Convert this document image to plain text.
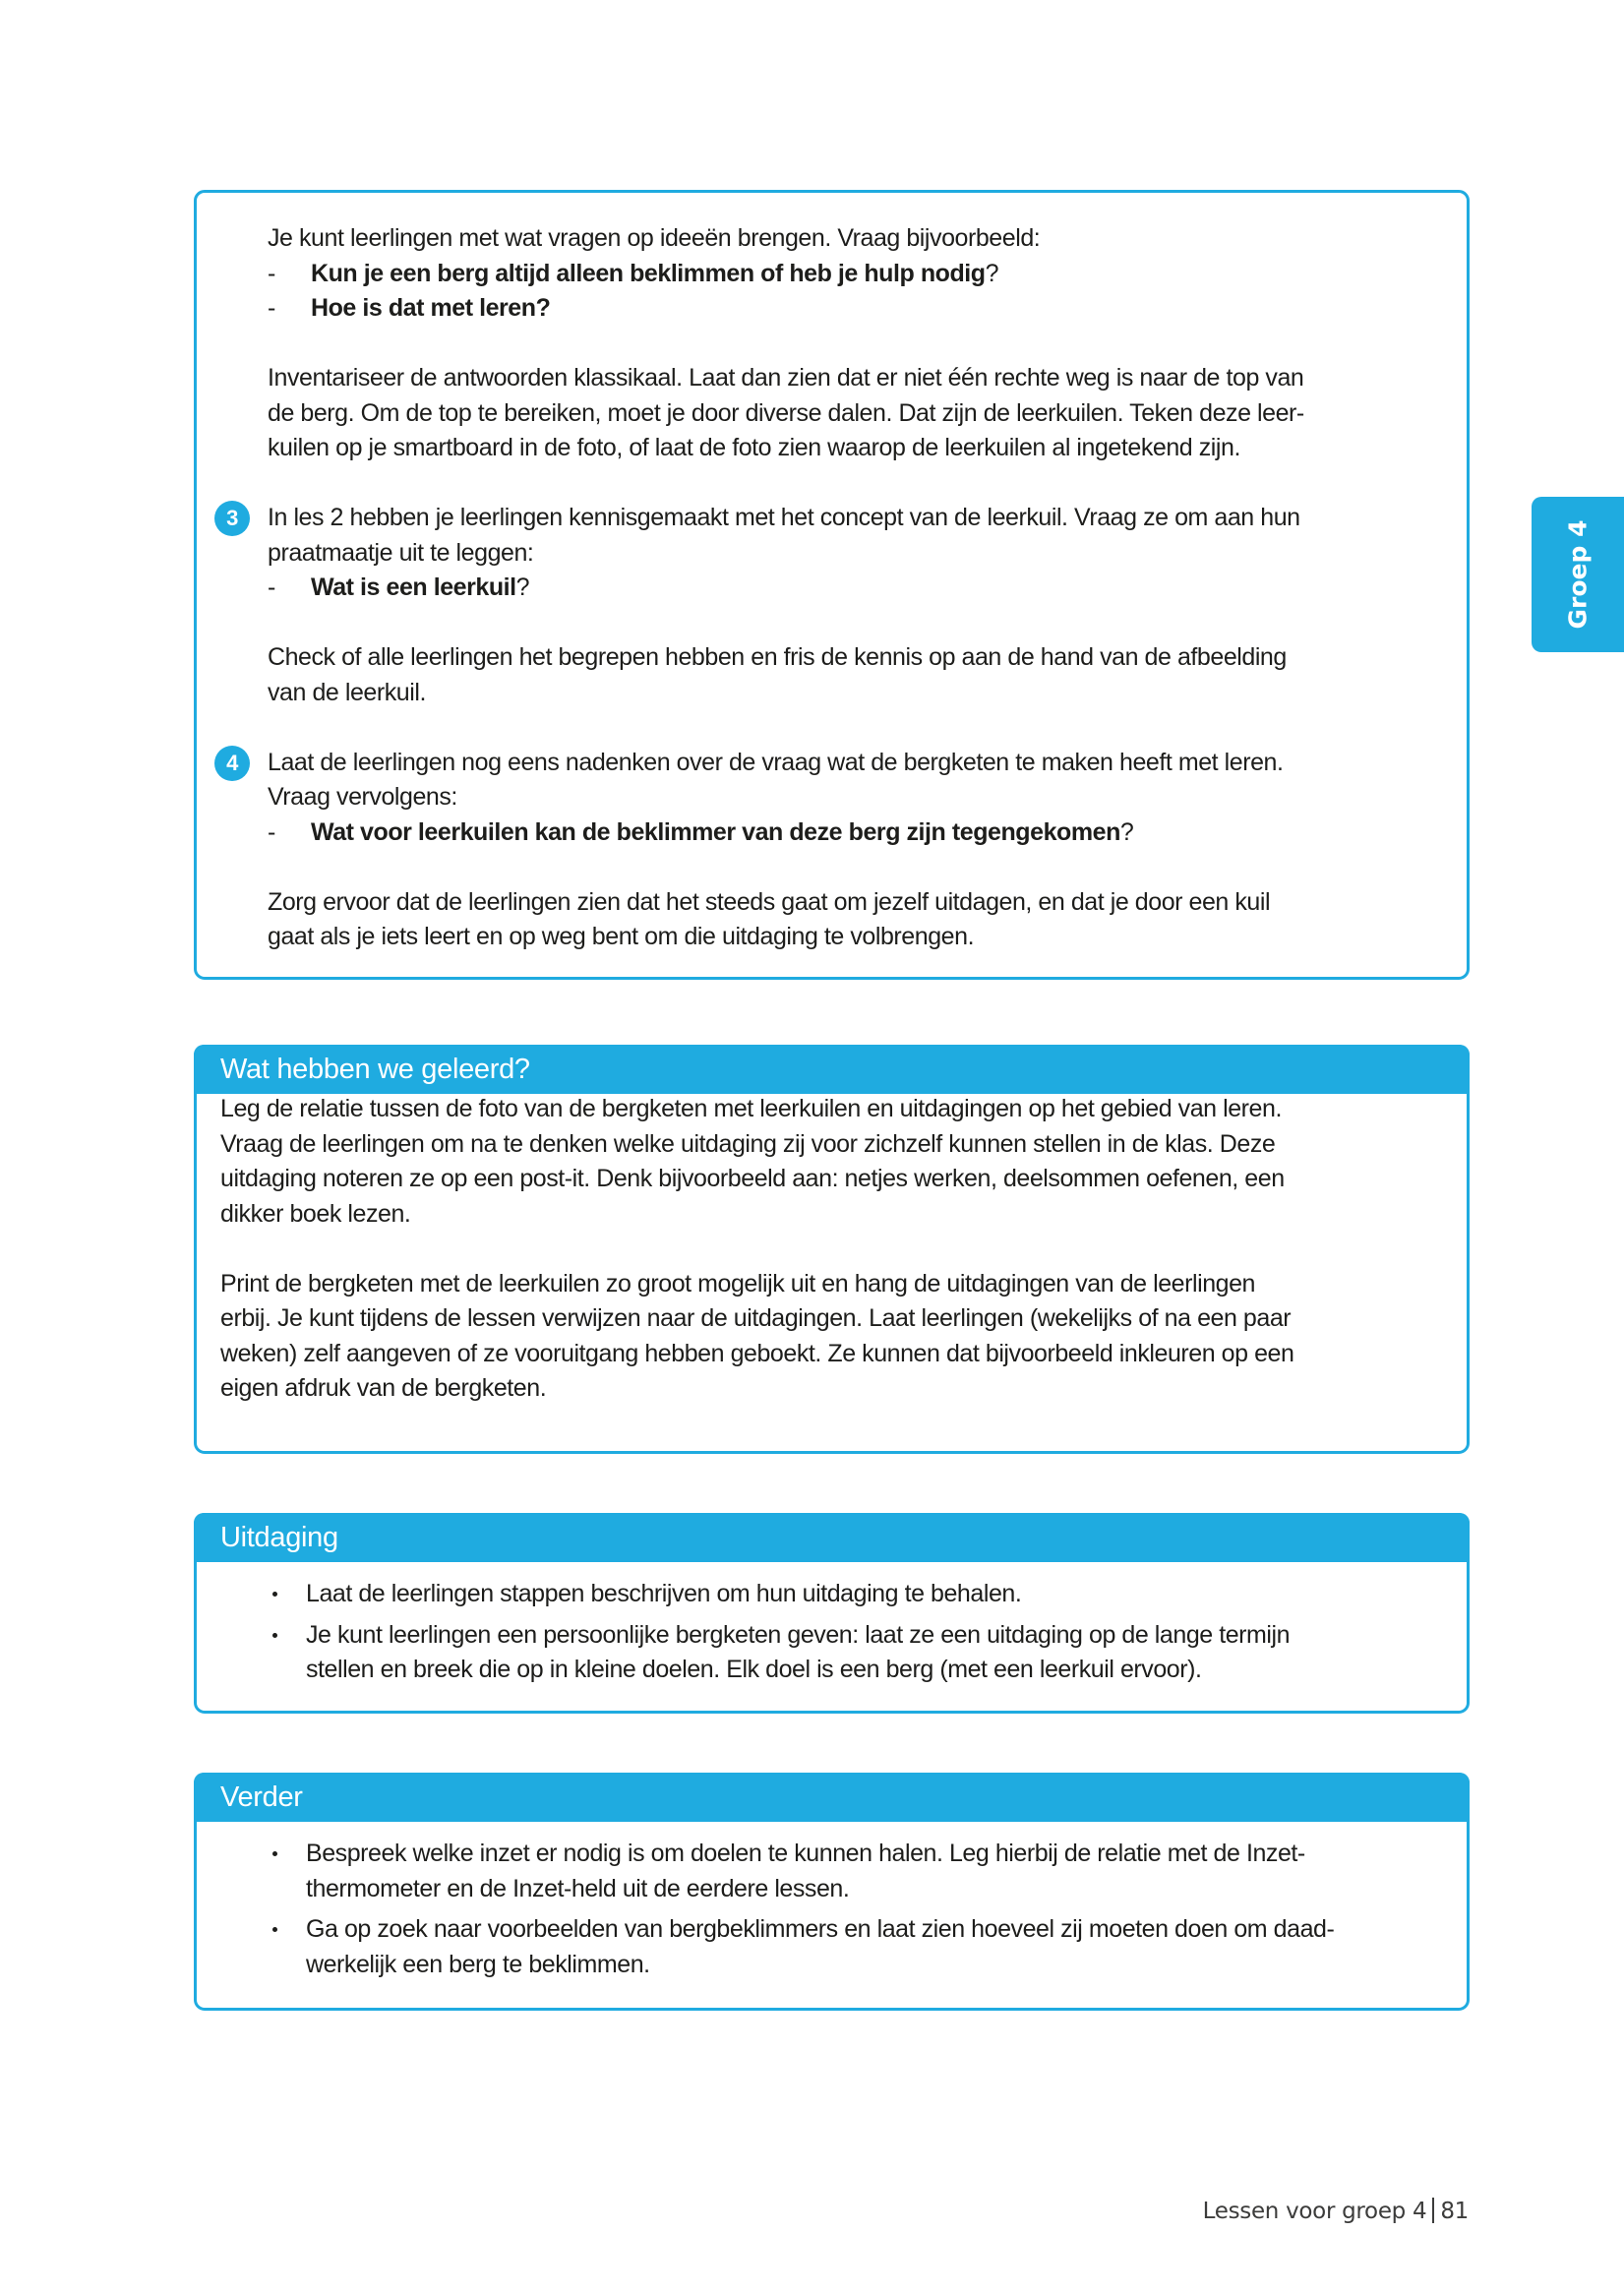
Groep 4
Je kunt leerlingen met wat vragen op ideeën brengen. Vraag bijvoorbeeld:
- Kun je een berg altijd alleen beklimmen of heb je hulp nodig?
- Hoe is dat met leren?
Inventariseer de antwoorden klassikaal. Laat dan zien dat er niet één rechte weg is naar de top van
de berg. Om de top te bereiken, moet je door diverse dalen. Dat zijn de leerkuilen. Teken deze leer-
kuilen op je smartboard in de foto, of laat de foto zien waarop de leerkuilen al ingetekend zijn.
3	In les 2 hebben je leerlingen kennisgemaakt met het concept van de leerkuil. Vraag ze om aan hun
praatmaatje uit te leggen:
- Wat is een leerkuil?
Check of alle leerlingen het begrepen hebben en fris de kennis op aan de hand van de afbeelding
van de leerkuil.
4	Laat de leerlingen nog eens nadenken over de vraag wat de bergketen te maken heeft met leren.
Vraag vervolgens:
- Wat voor leerkuilen kan de beklimmer van deze berg zijn tegengekomen?
Zorg ervoor dat de leerlingen zien dat het steeds gaat om jezelf uitdagen, en dat je door een kuil
gaat als je iets leert en op weg bent om die uitdaging te volbrengen.
Wat hebben we geleerd?
Leg de relatie tussen de foto van de bergketen met leerkuilen en uitdagingen op het gebied van leren.
Vraag de leerlingen om na te denken welke uitdaging zij voor zichzelf kunnen stellen in de klas. Deze
uitdaging noteren ze op een post-it. Denk bijvoorbeeld aan: netjes werken, deelsommen oefenen, een
dikker boek lezen.
Print de bergketen met de leerkuilen zo groot mogelijk uit en hang de uitdagingen van de leerlingen
erbij. Je kunt tijdens de lessen verwijzen naar de uitdagingen. Laat leerlingen (wekelijks of na een paar
weken) zelf aangeven of ze vooruitgang hebben geboekt. Ze kunnen dat bijvoorbeeld inkleuren op een
eigen afdruk van de bergketen.
Uitdaging
Laat de leerlingen stappen beschrijven om hun uitdaging te behalen.
Je kunt leerlingen een persoonlijke bergketen geven: laat ze een uitdaging op de lange termijn
stellen en breek die op in kleine doelen. Elk doel is een berg (met een leerkuil ervoor).
Verder
Bespreek welke inzet er nodig is om doelen te kunnen halen. Leg hierbij de relatie met de Inzet-
thermometer en de Inzet-held uit de eerdere lessen.
Ga op zoek naar voorbeelden van bergbeklimmers en laat zien hoeveel zij moeten doen om daad-
werkelijk een berg te beklimmen.
Lessen voor groep 4 81
